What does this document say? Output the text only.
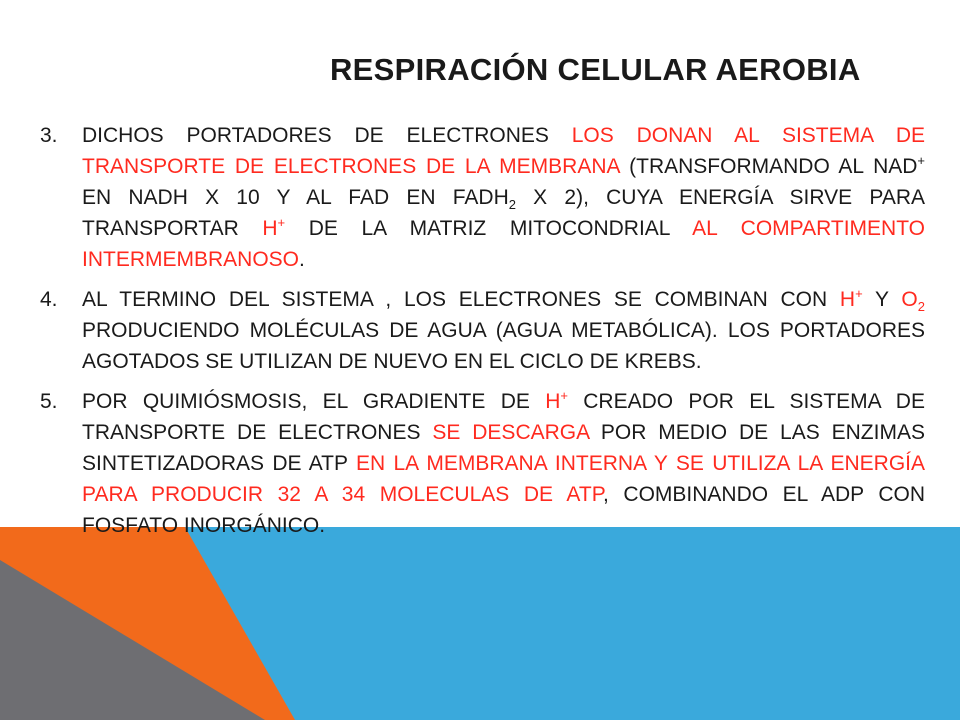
RESPIRACIÓN CELULAR AEROBIA
3.	DICHOS PORTADORES DE ELECTRONES LOS DONAN AL SISTEMA DE TRANSPORTE DE ELECTRONES DE LA MEMBRANA (TRANSFORMANDO AL NAD+ EN NADH X 10 Y AL FAD EN $FADH_2$ X 2), CUYA ENERGÍA SIRVE PARA TRANSPORTAR H+ DE LA MATRIZ MITOCONDRIAL AL COMPARTIMENTO INTERMEMBRANOSO.
4.	AL TERMINO DEL SISTEMA , LOS ELECTRONES SE COMBINAN CON H+ Y $O_2$ PRODUCIENDO MOLÉCULAS DE AGUA (AGUA METABÓLICA). LOS PORTADORES AGOTADOS SE UTILIZAN DE NUEVO EN EL CICLO DE KREBS.
5.	POR QUIMIÓSMOSIS, EL GRADIENTE DE H+ CREADO POR EL SISTEMA DE TRANSPORTE DE ELECTRONES SE DESCARGA POR MEDIO DE LAS ENZIMAS SINTETIZADORAS DE ATP EN LA MEMBRANA INTERNA Y SE UTILIZA LA ENERGÍA PARA PRODUCIR 32 A 34 MOLECULAS DE ATP, COMBINANDO EL ADP CON FOSFATO INORGÁNICO.
